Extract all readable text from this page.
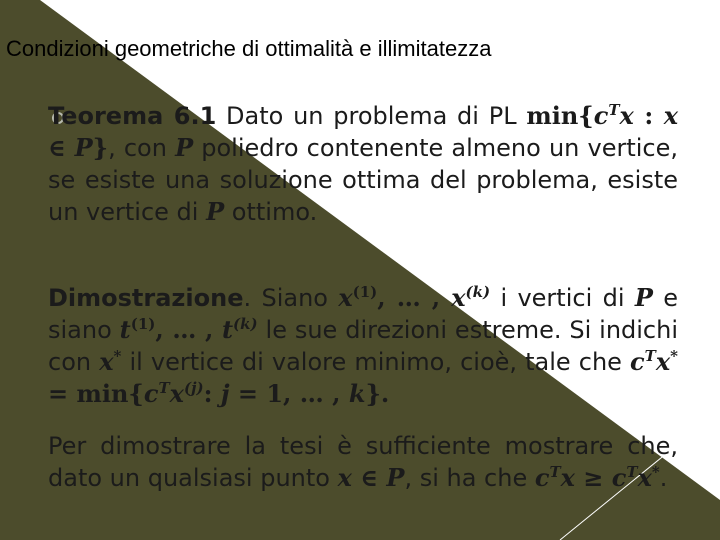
Condizioni geometriche di ottimalità e illimitatezza
Teorema 6.1 Dato un problema di PL $\min\{c^Tx$ : x ∈ P}, con P poliedro contenente almeno un vertice, se esiste una soluzione ottima del problema, esiste un vertice di P ottimo.
Dimostrazione. Siano $x^{(1)}$, … , $x^{(k)}$ i vertici di P e siano $t^{(1)}$, … , $t^{(k)}$ le sue direzioni estreme. Si indichi con x* il vertice di valore minimo, cioè, tale che $c^Tx^* = \min\{c^Tx^{(j)}$: j = 1, … , k}.
Per dimostrare la tesi è sufficiente mostrare che, dato un qualsiasi punto x ∈ P, si ha che $c^Tx \ge c^Tx^*$.
